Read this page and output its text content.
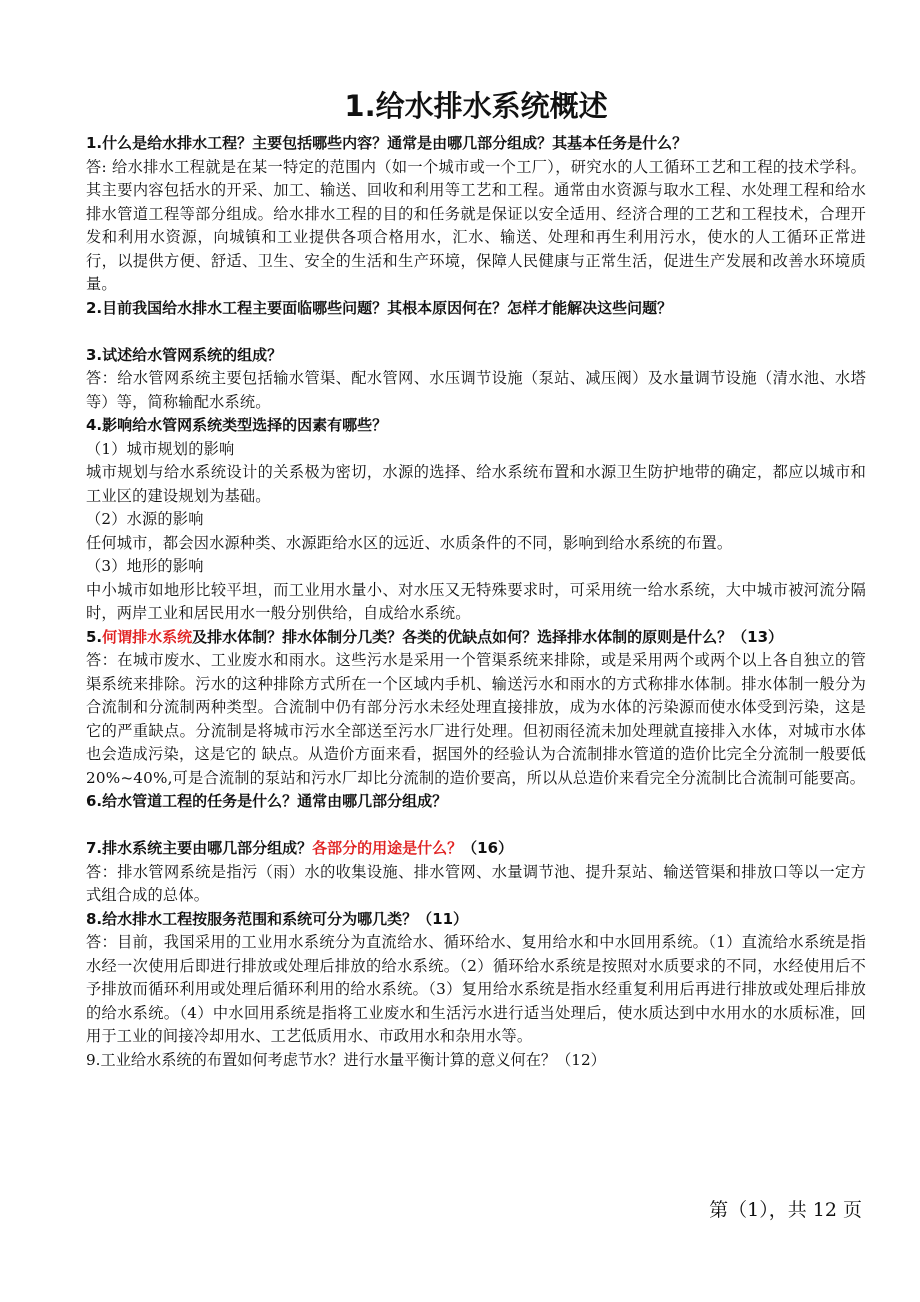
1.给水排水系统概述

1.什么是给水排水工程？主要包括哪些内容？通常是由哪几部分组成？其基本任务是什么？

答: 给水排水工程就是在某一特定的范围内（如一个城市或一个工厂），研究水的人工循环工艺和工程的技术学科。其主要内容包括水的开采、加工、输送、回收和利用等工艺和工程。通常由水资源与取水工程、水处理工程和给水排水管道工程等部分组成。给水排水工程的目的和任务就是保证以安全适用、经济合理的工艺和工程技术，合理开发和利用水资源，向城镇和工业提供各项合格用水，汇水、输送、处理和再生利用污水，使水的人工循环正常进行，以提供方便、舒适、卫生、安全的生活和生产环境，保障人民健康与正常生活，促进生产发展和改善水环境质量。

2.目前我国给水排水工程主要面临哪些问题？其根本原因何在？怎样才能解决这些问题？

3.试述给水管网系统的组成？

答：给水管网系统主要包括输水管渠、配水管网、水压调节设施（泵站、减压阀）及水量调节设施（清水池、水塔等）等，简称输配水系统。

4.影响给水管网系统类型选择的因素有哪些？

（1）城市规划的影响

城市规划与给水系统设计的关系极为密切，水源的选择、给水系统布置和水源卫生防护地带的确定，都应以城市和工业区的建设规划为基础。

（2）水源的影响

任何城市，都会因水源种类、水源距给水区的远近、水质条件的不同，影响到给水系统的布置。

（3）地形的影响

中小城市如地形比较平坦，而工业用水量小、对水压又无特殊要求时，可采用统一给水系统，大中城市被河流分隔时，两岸工业和居民用水一般分别供给，自成给水系统。

5.何谓排水系统及排水体制？排水体制分几类？各类的优缺点如何？选择排水体制的原则是什么？（13）

答：在城市废水、工业废水和雨水。这些污水是采用一个管渠系统来排除，或是采用两个或两个以上各自独立的管渠系统来排除。污水的这种排除方式所在一个区域内手机、输送污水和雨水的方式称排水体制。排水体制一般分为合流制和分流制两种类型。合流制中仍有部分污水未经处理直接排放，成为水体的污染源而使水体受到污染，这是它的严重缺点。分流制是将城市污水全部送至污水厂进行处理。但初雨径流未加处理就直接排入水体，对城市水体也会造成污染，这是它的 缺点。从造价方面来看，据国外的经验认为合流制排水管道的造价比完全分流制一般要低20%~40%,可是合流制的泵站和污水厂却比分流制的造价要高，所以从总造价来看完全分流制比合流制可能要高。

6.给水管道工程的任务是什么？通常由哪几部分组成？

7.排水系统主要由哪几部分组成？各部分的用途是什么？（16）

答：排水管网系统是指污（雨）水的收集设施、排水管网、水量调节池、提升泵站、输送管渠和排放口等以一定方式组合成的总体。

8.给水排水工程按服务范围和系统可分为哪几类？（11）

答：目前，我国采用的工业用水系统分为直流给水、循环给水、复用给水和中水回用系统。（1）直流给水系统是指水经一次使用后即进行排放或处理后排放的给水系统。（2）循环给水系统是按照对水质要求的不同，水经使用后不予排放而循环利用或处理后循环利用的给水系统。（3）复用给水系统是指水经重复利用后再进行排放或处理后排放的给水系统。（4）中水回用系统是指将工业废水和生活污水进行适当处理后，使水质达到中水用水的水质标准，回用于工业的间接冷却用水、工艺低质用水、市政用水和杂用水等。

9.工业给水系统的布置如何考虑节水？进行水量平衡计算的意义何在？（12）

第（1），共 12 页
